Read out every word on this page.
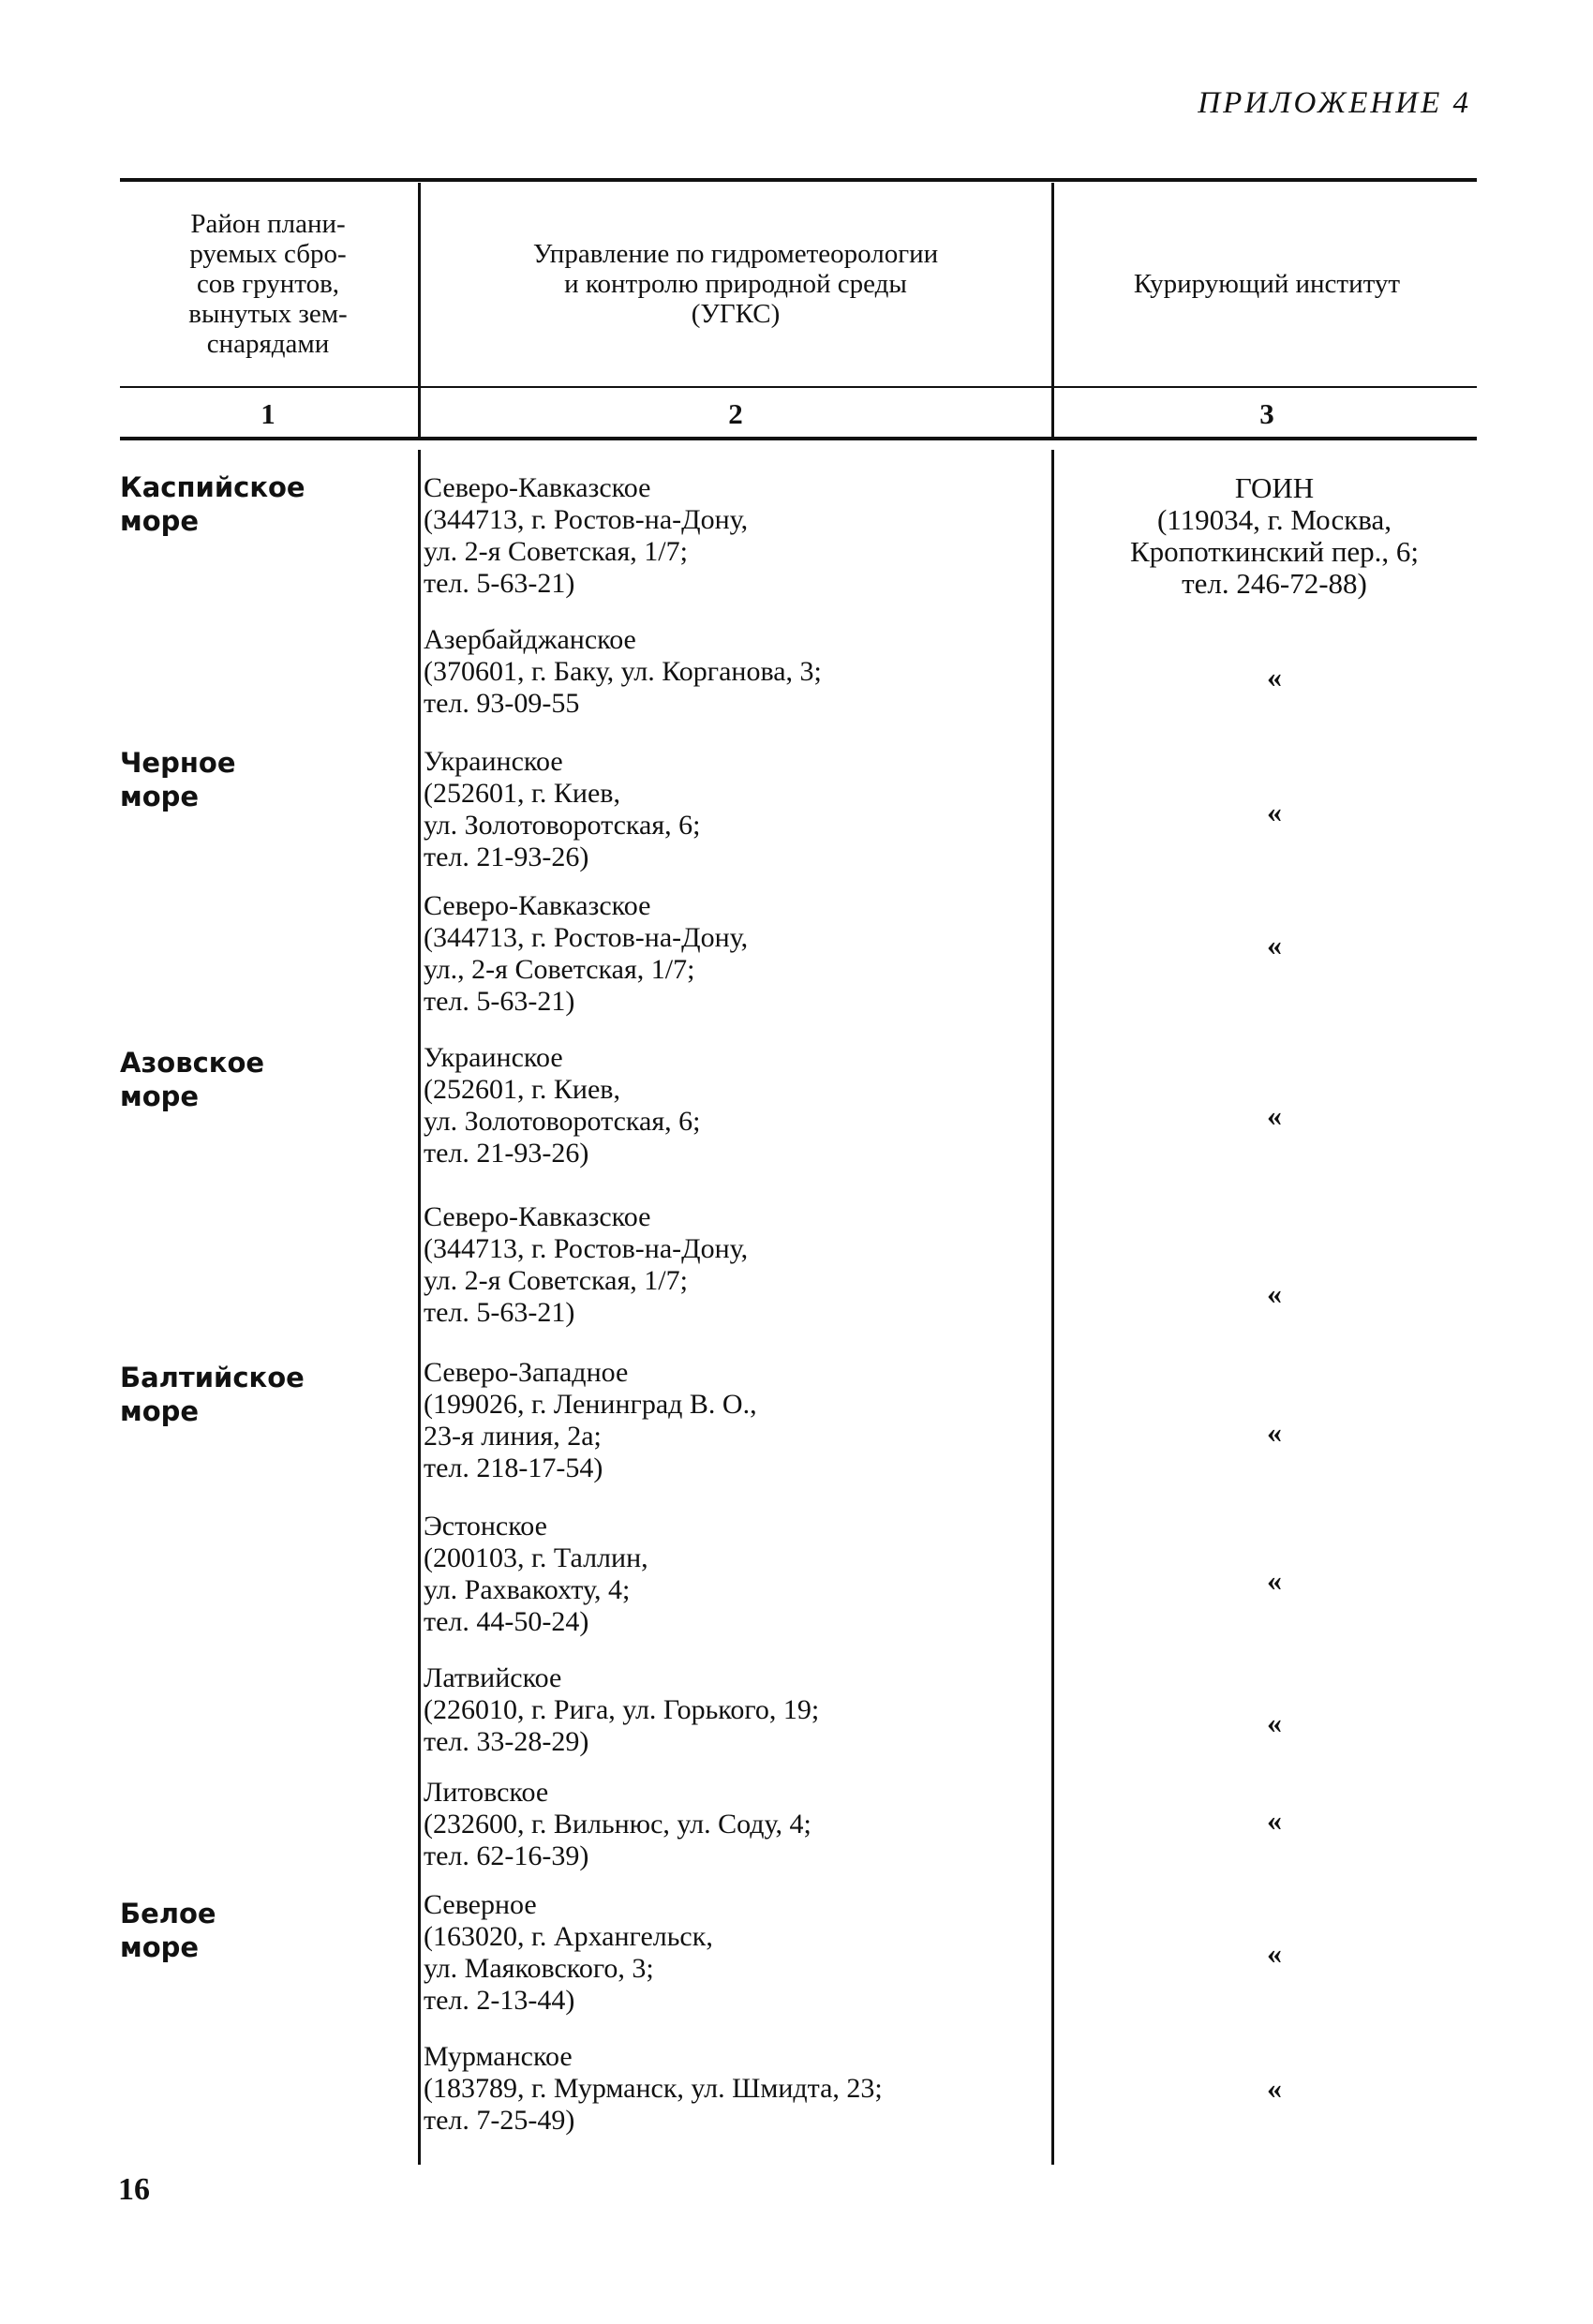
ПРИЛОЖЕНИЕ 4
Район плани-
руемых сбро-
сов грунтов,
вынутых зем-
снарядами
Управление по гидрометеорологии
и контролю природной среды
(УГКС)
Курирующий институт
1	2	3
Каспийское
море
Черное
море
Азовское
море
Балтийское
море
Белое
море
Северо-Кавказское
(344713, г. Ростов-на-Дону,
ул. 2-я Советская, 1/7;
тел. 5-63-21)
Азербайджанское
(370601, г. Баку, ул. Корганова, 3;
тел. 93-09-55
Украинское
(252601, г. Киев,
ул. Золотоворотская, 6;
тел. 21-93-26)
Северо-Кавказское
(344713, г. Ростов-на-Дону,
ул., 2-я Советская, 1/7;
тел. 5-63-21)
Украинское
(252601, г. Киев,
ул. Золотоворотская, 6;
тел. 21-93-26)
Северо-Кавказское
(344713, г. Ростов-на-Дону,
ул. 2-я Советская, 1/7;
тел. 5-63-21)
Северо-Западное
(199026, г. Ленинград В. О.,
23-я линия, 2а;
тел. 218-17-54)
Эстонское
(200103, г. Таллин,
ул. Рахвакохту, 4;
тел. 44-50-24)
Латвийское
(226010, г. Рига, ул. Горького, 19;
тел. 33-28-29)
Литовское
(232600, г. Вильнюс, ул. Соду, 4;
тел. 62-16-39)
Северное
(163020, г. Архангельск,
ул. Маяковского, 3;
тел. 2-13-44)
Мурманское
(183789, г. Мурманск, ул. Шмидта, 23;
тел. 7-25-49)
ГОИН
(119034, г. Москва,
Кропоткинский пер., 6;
тел. 246-72-88)
«
«
«
«
«
«
«
«
«
«
«
16
